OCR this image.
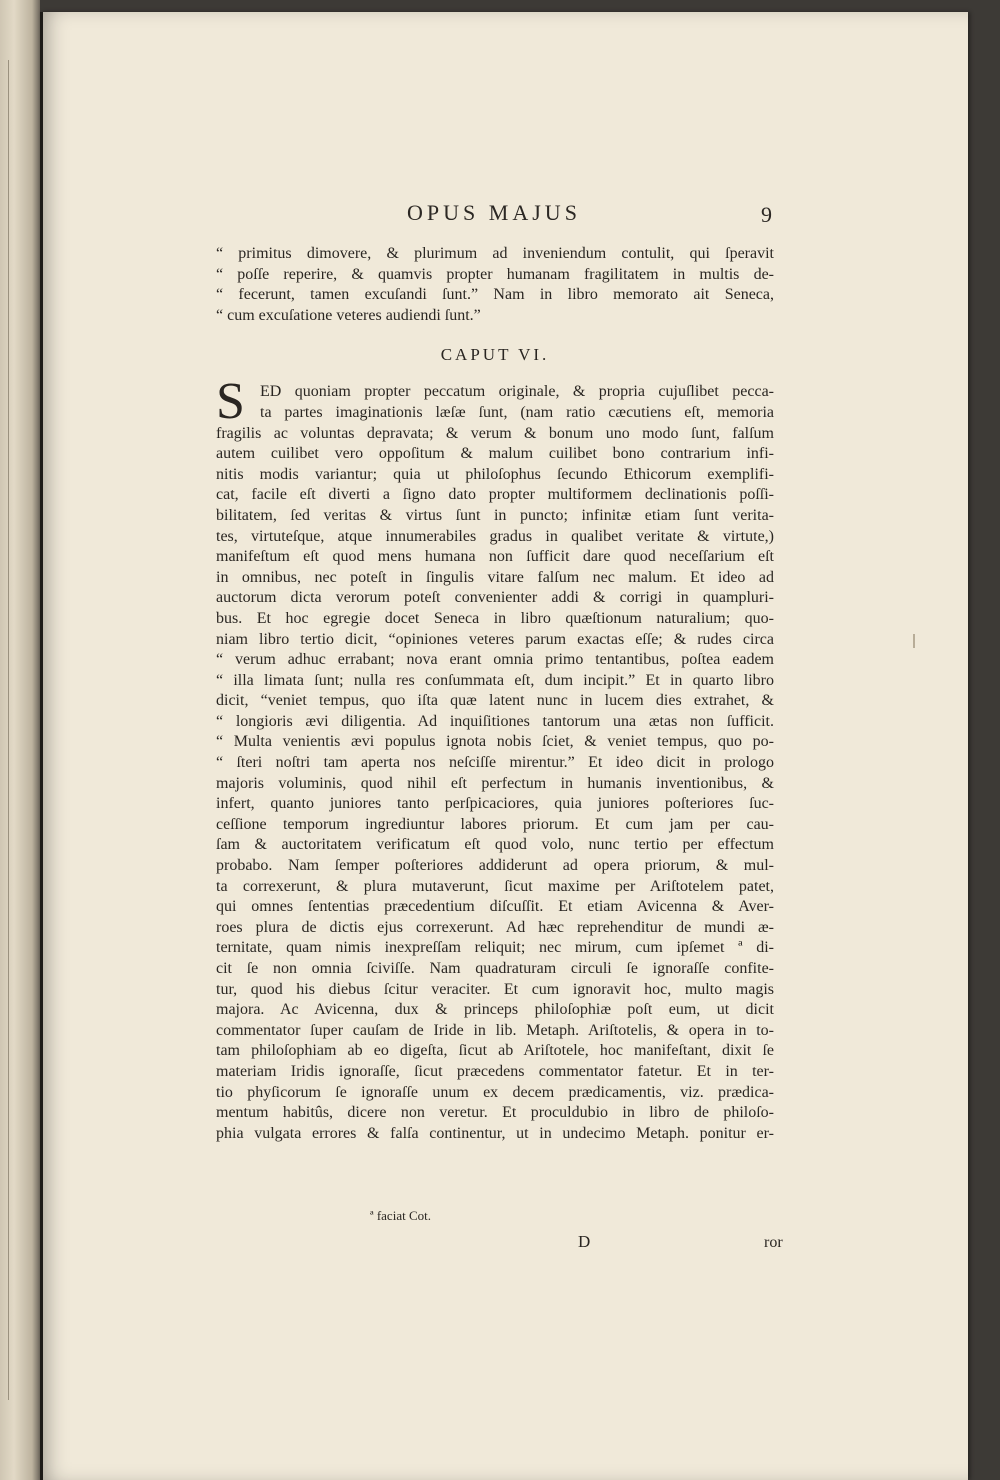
OPUS MAJUS	9
“ primitus dimovere, & plurimum ad inveniendum contulit, qui ſperavit
“ poſſe reperire, & quamvis propter humanam fragilitatem in multis de-
“ fecerunt, tamen excuſandi ſunt.” Nam in libro memorato ait Seneca,
“ cum excuſatione veteres audiendi ſunt.”
CAPUT VI.
S ED quoniam propter peccatum originale, & propria cujuſlibet pecca-
ta partes imaginationis læſæ ſunt, (nam ratio cæcutiens eſt, memoria
fragilis ac voluntas depravata; & verum & bonum uno modo ſunt, falſum
autem cuilibet vero oppoſitum & malum cuilibet bono contrarium infi-
nitis modis variantur; quia ut philoſophus ſecundo Ethicorum exemplifi-
cat, facile eſt diverti a ſigno dato propter multiformem declinationis poſſi-
bilitatem, ſed veritas & virtus ſunt in puncto; infinitæ etiam ſunt verita-
tes, virtuteſque, atque innumerabiles gradus in qualibet veritate & virtute,)
manifeſtum eſt quod mens humana non ſufficit dare quod neceſſarium eſt
in omnibus, nec poteſt in ſingulis vitare falſum nec malum. Et ideo ad
auctorum dicta verorum poteſt convenienter addi & corrigi in quampluri-
bus. Et hoc egregie docet Seneca in libro quæſtionum naturalium; quo-
niam libro tertio dicit, “opiniones veteres parum exactas eſſe; & rudes circa
“ verum adhuc errabant; nova erant omnia primo tentantibus, poſtea eadem
“ illa limata ſunt; nulla res conſummata eſt, dum incipit.” Et in quarto libro
dicit, “veniet tempus, quo iſta quæ latent nunc in lucem dies extrahet, &
“ longioris ævi diligentia. Ad inquiſitiones tantorum una ætas non ſufficit.
“ Multa venientis ævi populus ignota nobis ſciet, & veniet tempus, quo po-
“ ſteri noſtri tam aperta nos neſciſſe mirentur.” Et ideo dicit in prologo
majoris voluminis, quod nihil eſt perfectum in humanis inventionibus, &
infert, quanto juniores tanto perſpicaciores, quia juniores poſteriores ſuc-
ceſſione temporum ingrediuntur labores priorum. Et cum jam per cau-
ſam & auctoritatem verificatum eſt quod volo, nunc tertio per effectum
probabo. Nam ſemper poſteriores addiderunt ad opera priorum, & mul-
ta correxerunt, & plura mutaverunt, ſicut maxime per Ariſtotelem patet,
qui omnes ſententias præcedentium diſcuſſit. Et etiam Avicenna & Aver-
roes plura de dictis ejus correxerunt. Ad hæc reprehenditur de mundi æ-
ternitate, quam nimis inexpreſſam reliquit; nec mirum, cum ipſemet ª di-
cit ſe non omnia ſciviſſe. Nam quadraturam circuli ſe ignoraſſe confite-
tur, quod his diebus ſcitur veraciter. Et cum ignoravit hoc, multo magis
majora. Ac Avicenna, dux & princeps philoſophiæ poſt eum, ut dicit
commentator ſuper cauſam de Iride in lib. Metaph. Ariſtotelis, & opera in to-
tam philoſophiam ab eo digeſta, ſicut ab Ariſtotele, hoc manifeſtant, dixit ſe
materiam Iridis ignoraſſe, ſicut præcedens commentator fatetur. Et in ter-
tio phyſicorum ſe ignoraſſe unum ex decem prædicamentis, viz. prædica-
mentum habitûs, dicere non veretur. Et proculdubio in libro de philoſo-
phia vulgata errores & falſa continentur, ut in undecimo Metaph. ponitur er-
ª faciat Cot.
D	ror
